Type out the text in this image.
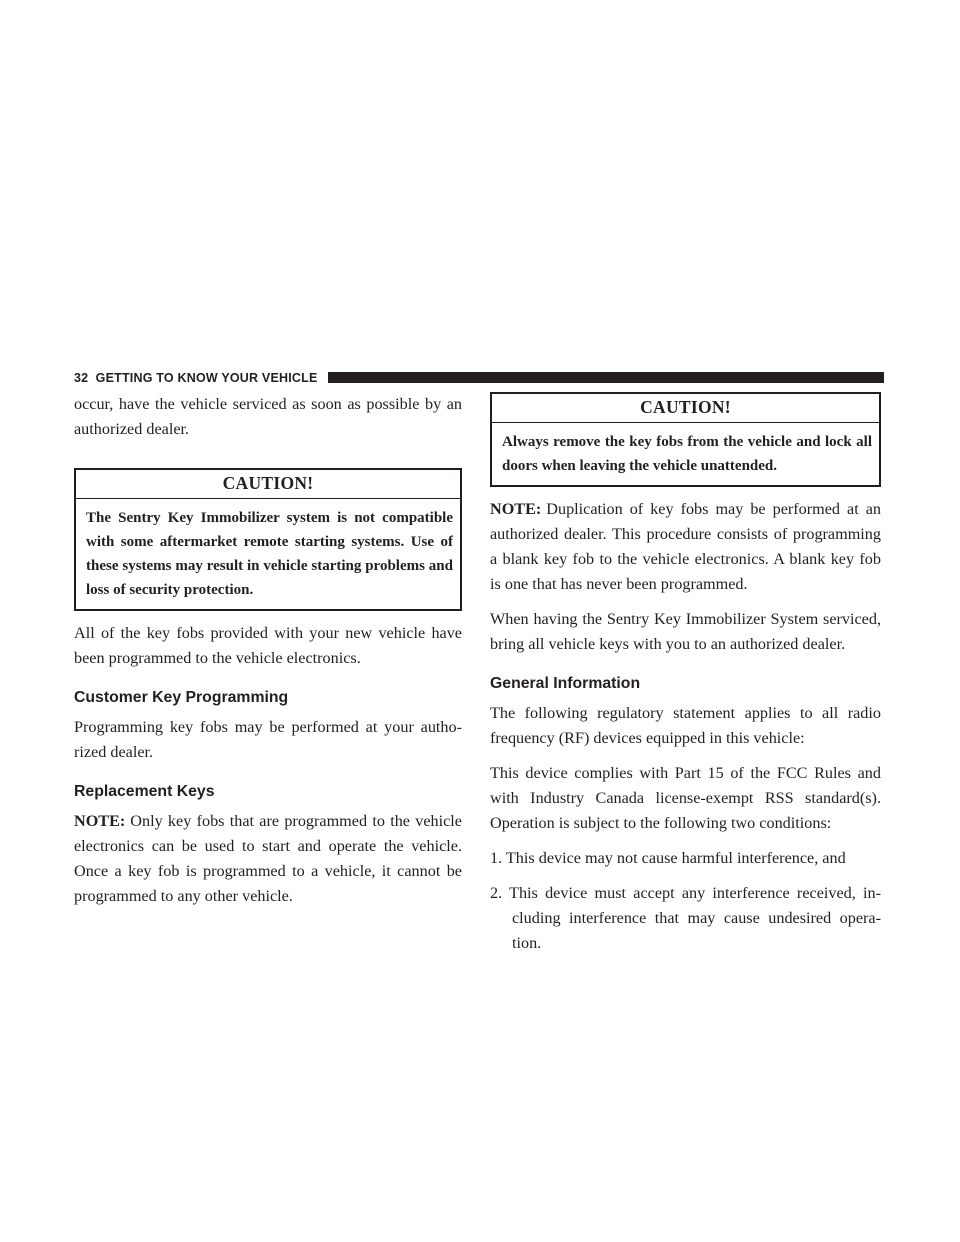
32 GETTING TO KNOW YOUR VEHICLE

occur, have the vehicle serviced as soon as possible by an authorized dealer.

CAUTION!
The Sentry Key Immobilizer system is not compatible with some aftermarket remote starting systems. Use of these systems may result in vehicle starting problems and loss of security protection.

All of the key fobs provided with your new vehicle have been programmed to the vehicle electronics.

Customer Key Programming

Programming key fobs may be performed at your autho-rized dealer.

Replacement Keys

NOTE: Only key fobs that are programmed to the vehicle electronics can be used to start and operate the vehicle. Once a key fob is programmed to a vehicle, it cannot be programmed to any other vehicle.

CAUTION!
Always remove the key fobs from the vehicle and lock all doors when leaving the vehicle unattended.

NOTE: Duplication of key fobs may be performed at an authorized dealer. This procedure consists of programming a blank key fob to the vehicle electronics. A blank key fob is one that has never been programmed.

When having the Sentry Key Immobilizer System serviced, bring all vehicle keys with you to an authorized dealer.

General Information

The following regulatory statement applies to all radio frequency (RF) devices equipped in this vehicle:

This device complies with Part 15 of the FCC Rules and with Industry Canada license-exempt RSS standard(s). Operation is subject to the following two conditions:

1. This device may not cause harmful interference, and

2. This device must accept any interference received, in-cluding interference that may cause undesired opera-tion.
